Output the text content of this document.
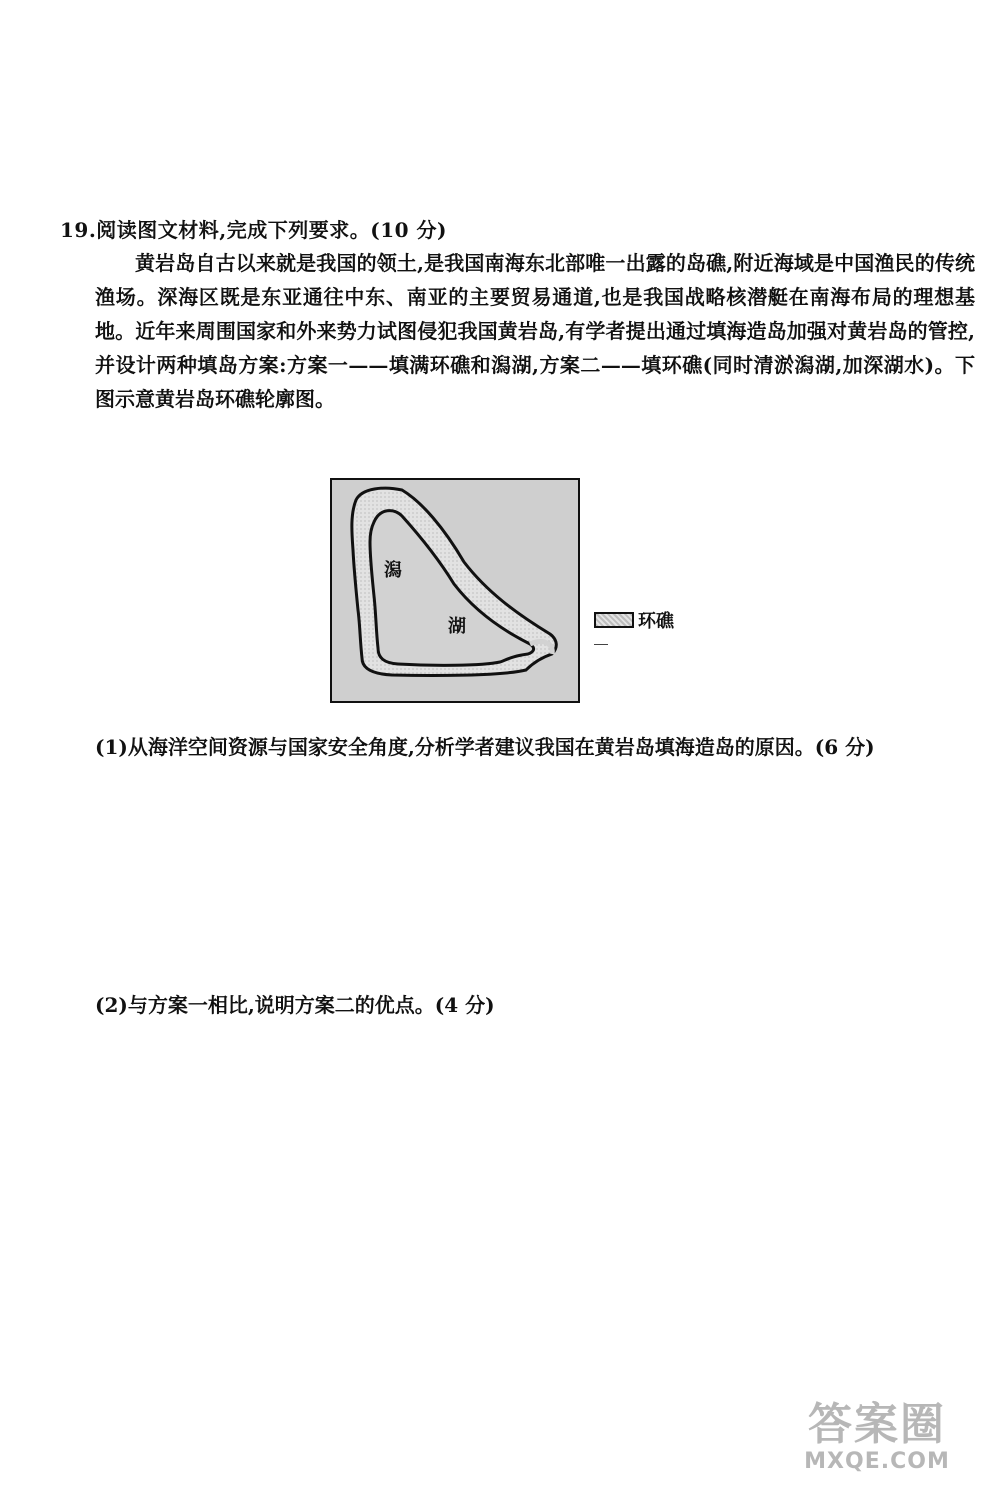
19.阅读图文材料,完成下列要求。(10 分)

黄岩岛自古以来就是我国的领土,是我国南海东北部唯一出露的岛礁,附近海域是中国渔民的传统渔场。深海区既是东亚通往中东、南亚的主要贸易通道,也是我国战略核潜艇在南海布局的理想基地。近年来周围国家和外来势力试图侵犯我国黄岩岛,有学者提出通过填海造岛加强对黄岩岛的管控,并设计两种填岛方案:方案一——填满环礁和潟湖,方案二——填环礁(同时清淤潟湖,加深湖水)。下图示意黄岩岛环礁轮廓图。

潟
湖	环礁
(1)从海洋空间资源与国家安全角度,分析学者建议我国在黄岩岛填海造岛的原因。(6 分)
(2)与方案一相比,说明方案二的优点。(4 分)
答案圈
MXQE.COM
